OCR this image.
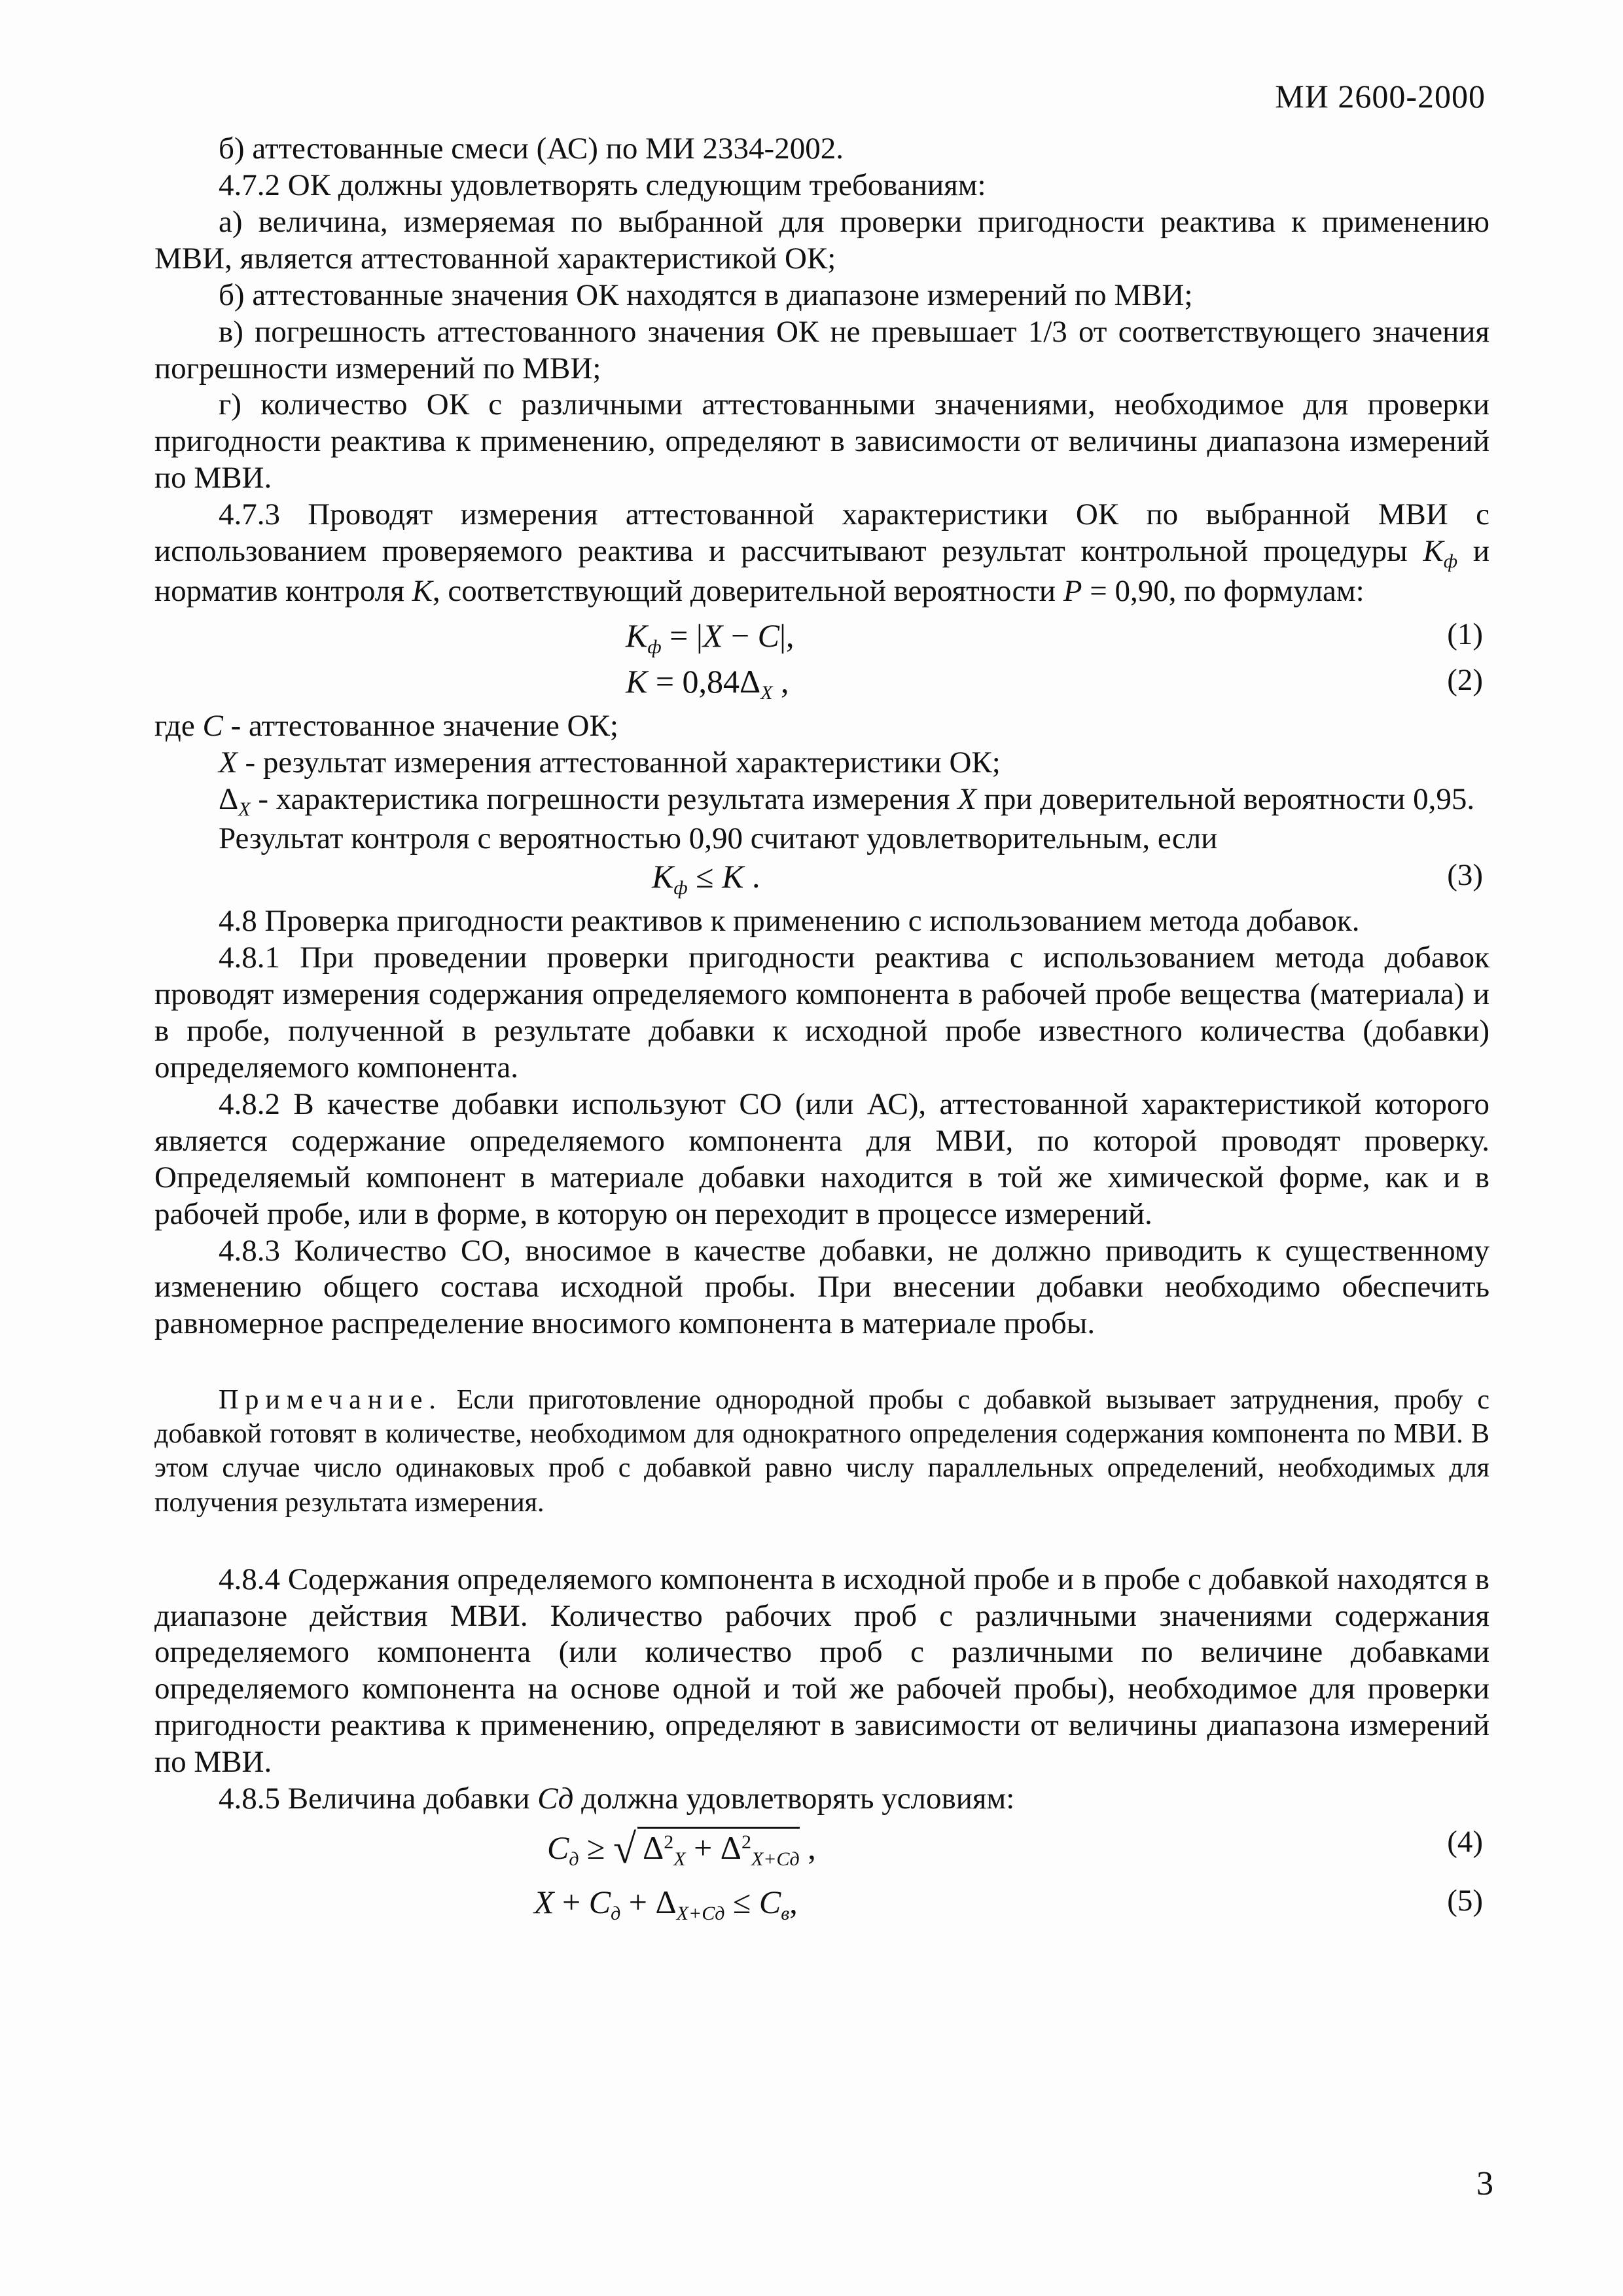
МИ 2600-2000

б) аттестованные смеси (АС) по МИ 2334-2002.

4.7.2 ОК должны удовлетворять следующим требованиям:

а) величина, измеряемая по выбранной для проверки пригодности реактива к применению МВИ, является аттестованной характеристикой ОК;

б) аттестованные значения ОК находятся в диапазоне измерений по МВИ;

в) погрешность аттестованного значения ОК не превышает 1/3 от соответствующего значения погрешности измерений по МВИ;

г) количество ОК с различными аттестованными значениями, необходимое для проверки пригодности реактива к применению, определяют в зависимости от величины диапазона измерений по МВИ.

4.7.3 Проводят измерения аттестованной характеристики ОК по выбранной МВИ с использованием проверяемого реактива и рассчитывают результат контрольной процедуры $K_ф$ и норматив контроля K, соответствующий доверительной вероятности P = 0,90, по формулам:

$K_ф = |X - C|$,	(1)
$K = 0,84\Delta_X$ ,	(2)

где C - аттестованное значение ОК;

X - результат измерения аттестованной характеристики ОК;

$\Delta_X$ - характеристика погрешности результата измерения X при доверительной вероятности 0,95.

Результат контроля с вероятностью 0,90 считают удовлетворительным, если

$K_ф \le K$ .	(3)

4.8 Проверка пригодности реактивов к применению с использованием метода добавок.

4.8.1 При проведении проверки пригодности реактива с использованием метода добавок проводят измерения содержания определяемого компонента в рабочей пробе вещества (материала) и в пробе, полученной в результате добавки к исходной пробе известного количества (добавки) определяемого компонента.

4.8.2 В качестве добавки используют СО (или АС), аттестованной характеристикой которого является содержание определяемого компонента для МВИ, по которой проводят проверку. Определяемый компонент в материале добавки находится в той же химической форме, как и в рабочей пробе, или в форме, в которую он переходит в процессе измерений.

4.8.3 Количество СО, вносимое в качестве добавки, не должно приводить к существенному изменению общего состава исходной пробы. При внесении добавки необходимо обеспечить равномерное распределение вносимого компонента в материале пробы.

Примечание. Если приготовление однородной пробы с добавкой вызывает затруднения, пробу с добавкой готовят в количестве, необходимом для однократного определения содержания компонента по МВИ. В этом случае число одинаковых проб с добавкой равно числу параллельных определений, необходимых для получения результата измерения.

4.8.4 Содержания определяемого компонента в исходной пробе и в пробе с добавкой находятся в диапазоне действия МВИ. Количество рабочих проб с различными значениями содержания определяемого компонента (или количество проб с различными по величине добавками определяемого компонента на основе одной и той же рабочей пробы), необходимое для проверки пригодности реактива к применению, определяют в зависимости от величины диапазона измерений по МВИ.

4.8.5 Величина добавки Cд должна удовлетворять условиям:

$C_д$ ≥ √ $\Delta^2_X + \Delta^2_{X+Cд}$ ,	(4)
$X + C_д + \Delta_{X+Cд} \le C_в$,	(5)
3
